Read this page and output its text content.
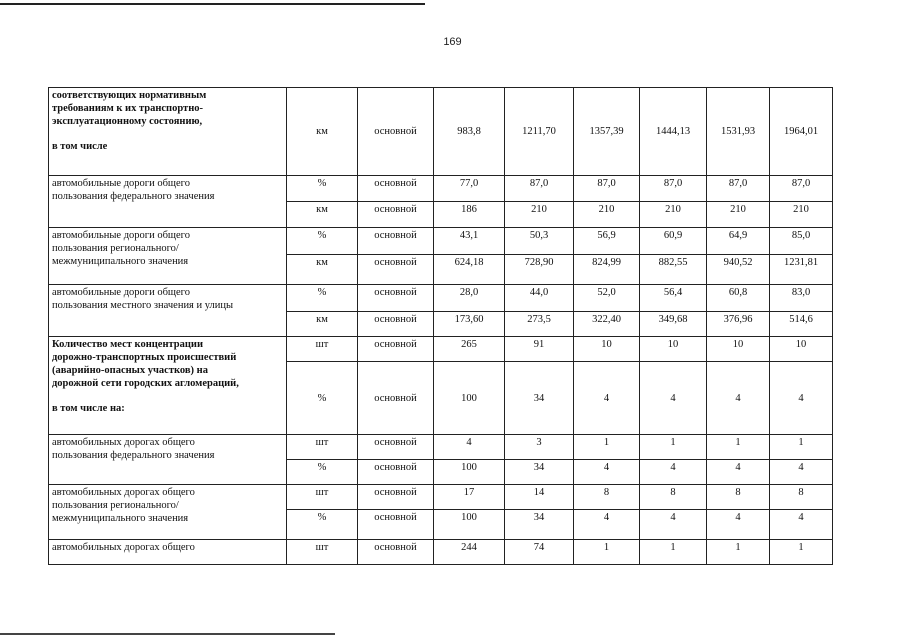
169
соответствующих нормативным
требованиям к их транспортно-
эксплуатационному состоянию,
в том числе	км	основной	983,8	1211,70	1357,39	1444,13	1531,93	1964,01

автомобильные дороги общего
пользования федерального значения	%	основной	77,0	87,0	87,0	87,0	87,0	87,0
	км	основной	186	210	210	210	210	210

автомобильные дороги общего
пользования регионального/
межмуниципального значения	%	основной	43,1	50,3	56,9	60,9	64,9	85,0
	км	основной	624,18	728,90	824,99	882,55	940,52	1231,81

автомобильные дороги общего
пользования местного значения и улицы	%	основной	28,0	44,0	52,0	56,4	60,8	83,0
	км	основной	173,60	273,5	322,40	349,68	376,96	514,6

Количество мест концентрации
дорожно-транспортных происшествий
(аварийно-опасных участков) на
дорожной сети городских агломераций,
в том числе на:	шт	основной	265	91	10	10	10	10
	%	основной	100	34	4	4	4	4

автомобильных дорогах общего
пользования федерального значения	шт	основной	4	3	1	1	1	1
	%	основной	100	34	4	4	4	4

автомобильных дорогах общего
пользования регионального/
межмуниципального значения	шт	основной	17	14	8	8	8	8
	%	основной	100	34	4	4	4	4

автомобильных дорогах общего	шт	основной	244	74	1	1	1	1
